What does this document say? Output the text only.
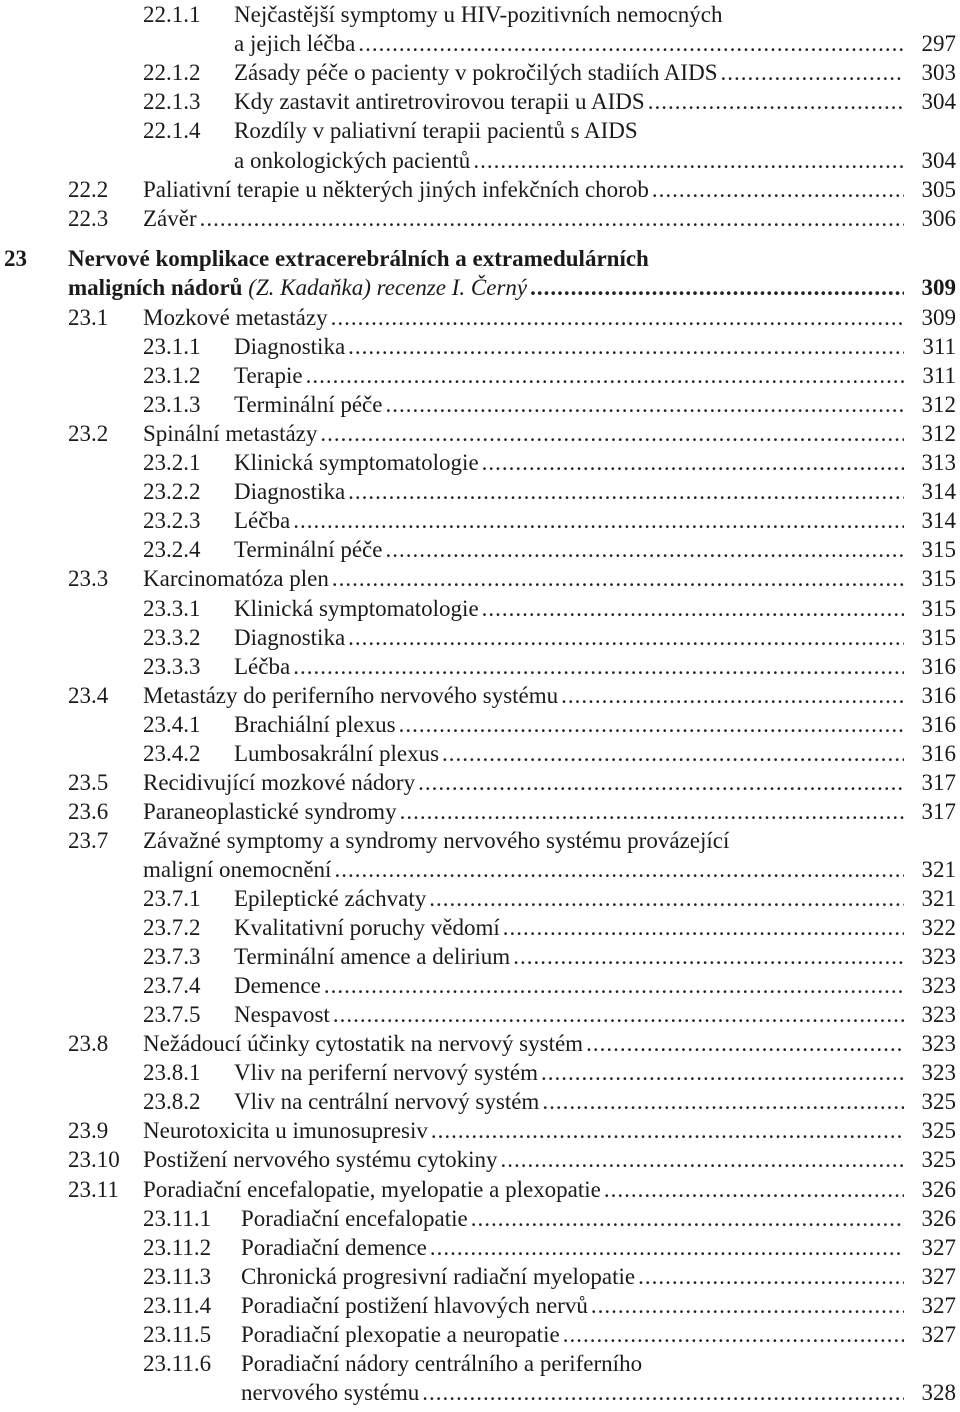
22.1.1 Nejčastější symptomy u HIV-pozitivních nemocných
a jejich léčba .....	297
22.1.2 Zásady péče o pacienty v pokročilých stadiích AIDS .....	303
22.1.3 Kdy zastavit antiretrovirovou terapii u AIDS .....	304
22.1.4 Rozdíly v paliativní terapii pacientů s AIDS
a onkologických pacientů .....	304
22.2 Paliativní terapie u některých jiných infekčních chorob .....	305
22.3 Závěr .....	306
23 Nervové komplikace extracerebrálních a extramedulárních
maligních nádorů (Z. Kadaňka) recenze I. Černý .....	309
23.1 Mozkové metastázy .....	309
23.1.1 Diagnostika .....	311
23.1.2 Terapie .....	311
23.1.3 Terminální péče .....	312
23.2 Spinální metastázy .....	312
23.2.1 Klinická symptomatologie .....	313
23.2.2 Diagnostika .....	314
23.2.3 Léčba .....	314
23.2.4 Terminální péče .....	315
23.3 Karcinomatóza plen .....	315
23.3.1 Klinická symptomatologie .....	315
23.3.2 Diagnostika .....	315
23.3.3 Léčba .....	316
23.4 Metastázy do periferního nervového systému .....	316
23.4.1 Brachiální plexus .....	316
23.4.2 Lumbosakrální plexus .....	316
23.5 Recidivující mozkové nádory .....	317
23.6 Paraneoplastické syndromy .....	317
23.7 Závažné symptomy a syndromy nervového systému provázející
maligní onemocnění .....	321
23.7.1 Epileptické záchvaty .....	321
23.7.2 Kvalitativní poruchy vědomí .....	322
23.7.3 Terminální amence a delirium .....	323
23.7.4 Demence .....	323
23.7.5 Nespavost .....	323
23.8 Nežádoucí účinky cytostatik na nervový systém .....	323
23.8.1 Vliv na periferní nervový systém .....	323
23.8.2 Vliv na centrální nervový systém .....	325
23.9 Neurotoxicita u imunosupresiv .....	325
23.10 Postižení nervového systému cytokiny .....	325
23.11 Poradiační encefalopatie, myelopatie a plexopatie .....	326
23.11.1 Poradiační encefalopatie .....	326
23.11.2 Poradiační demence .....	327
23.11.3 Chronická progresivní radiační myelopatie .....	327
23.11.4 Poradiační postižení hlavových nervů .....	327
23.11.5 Poradiační plexopatie a neuropatie .....	327
23.11.6 Poradiační nádory centrálního a periferního
nervového systému .....	328
